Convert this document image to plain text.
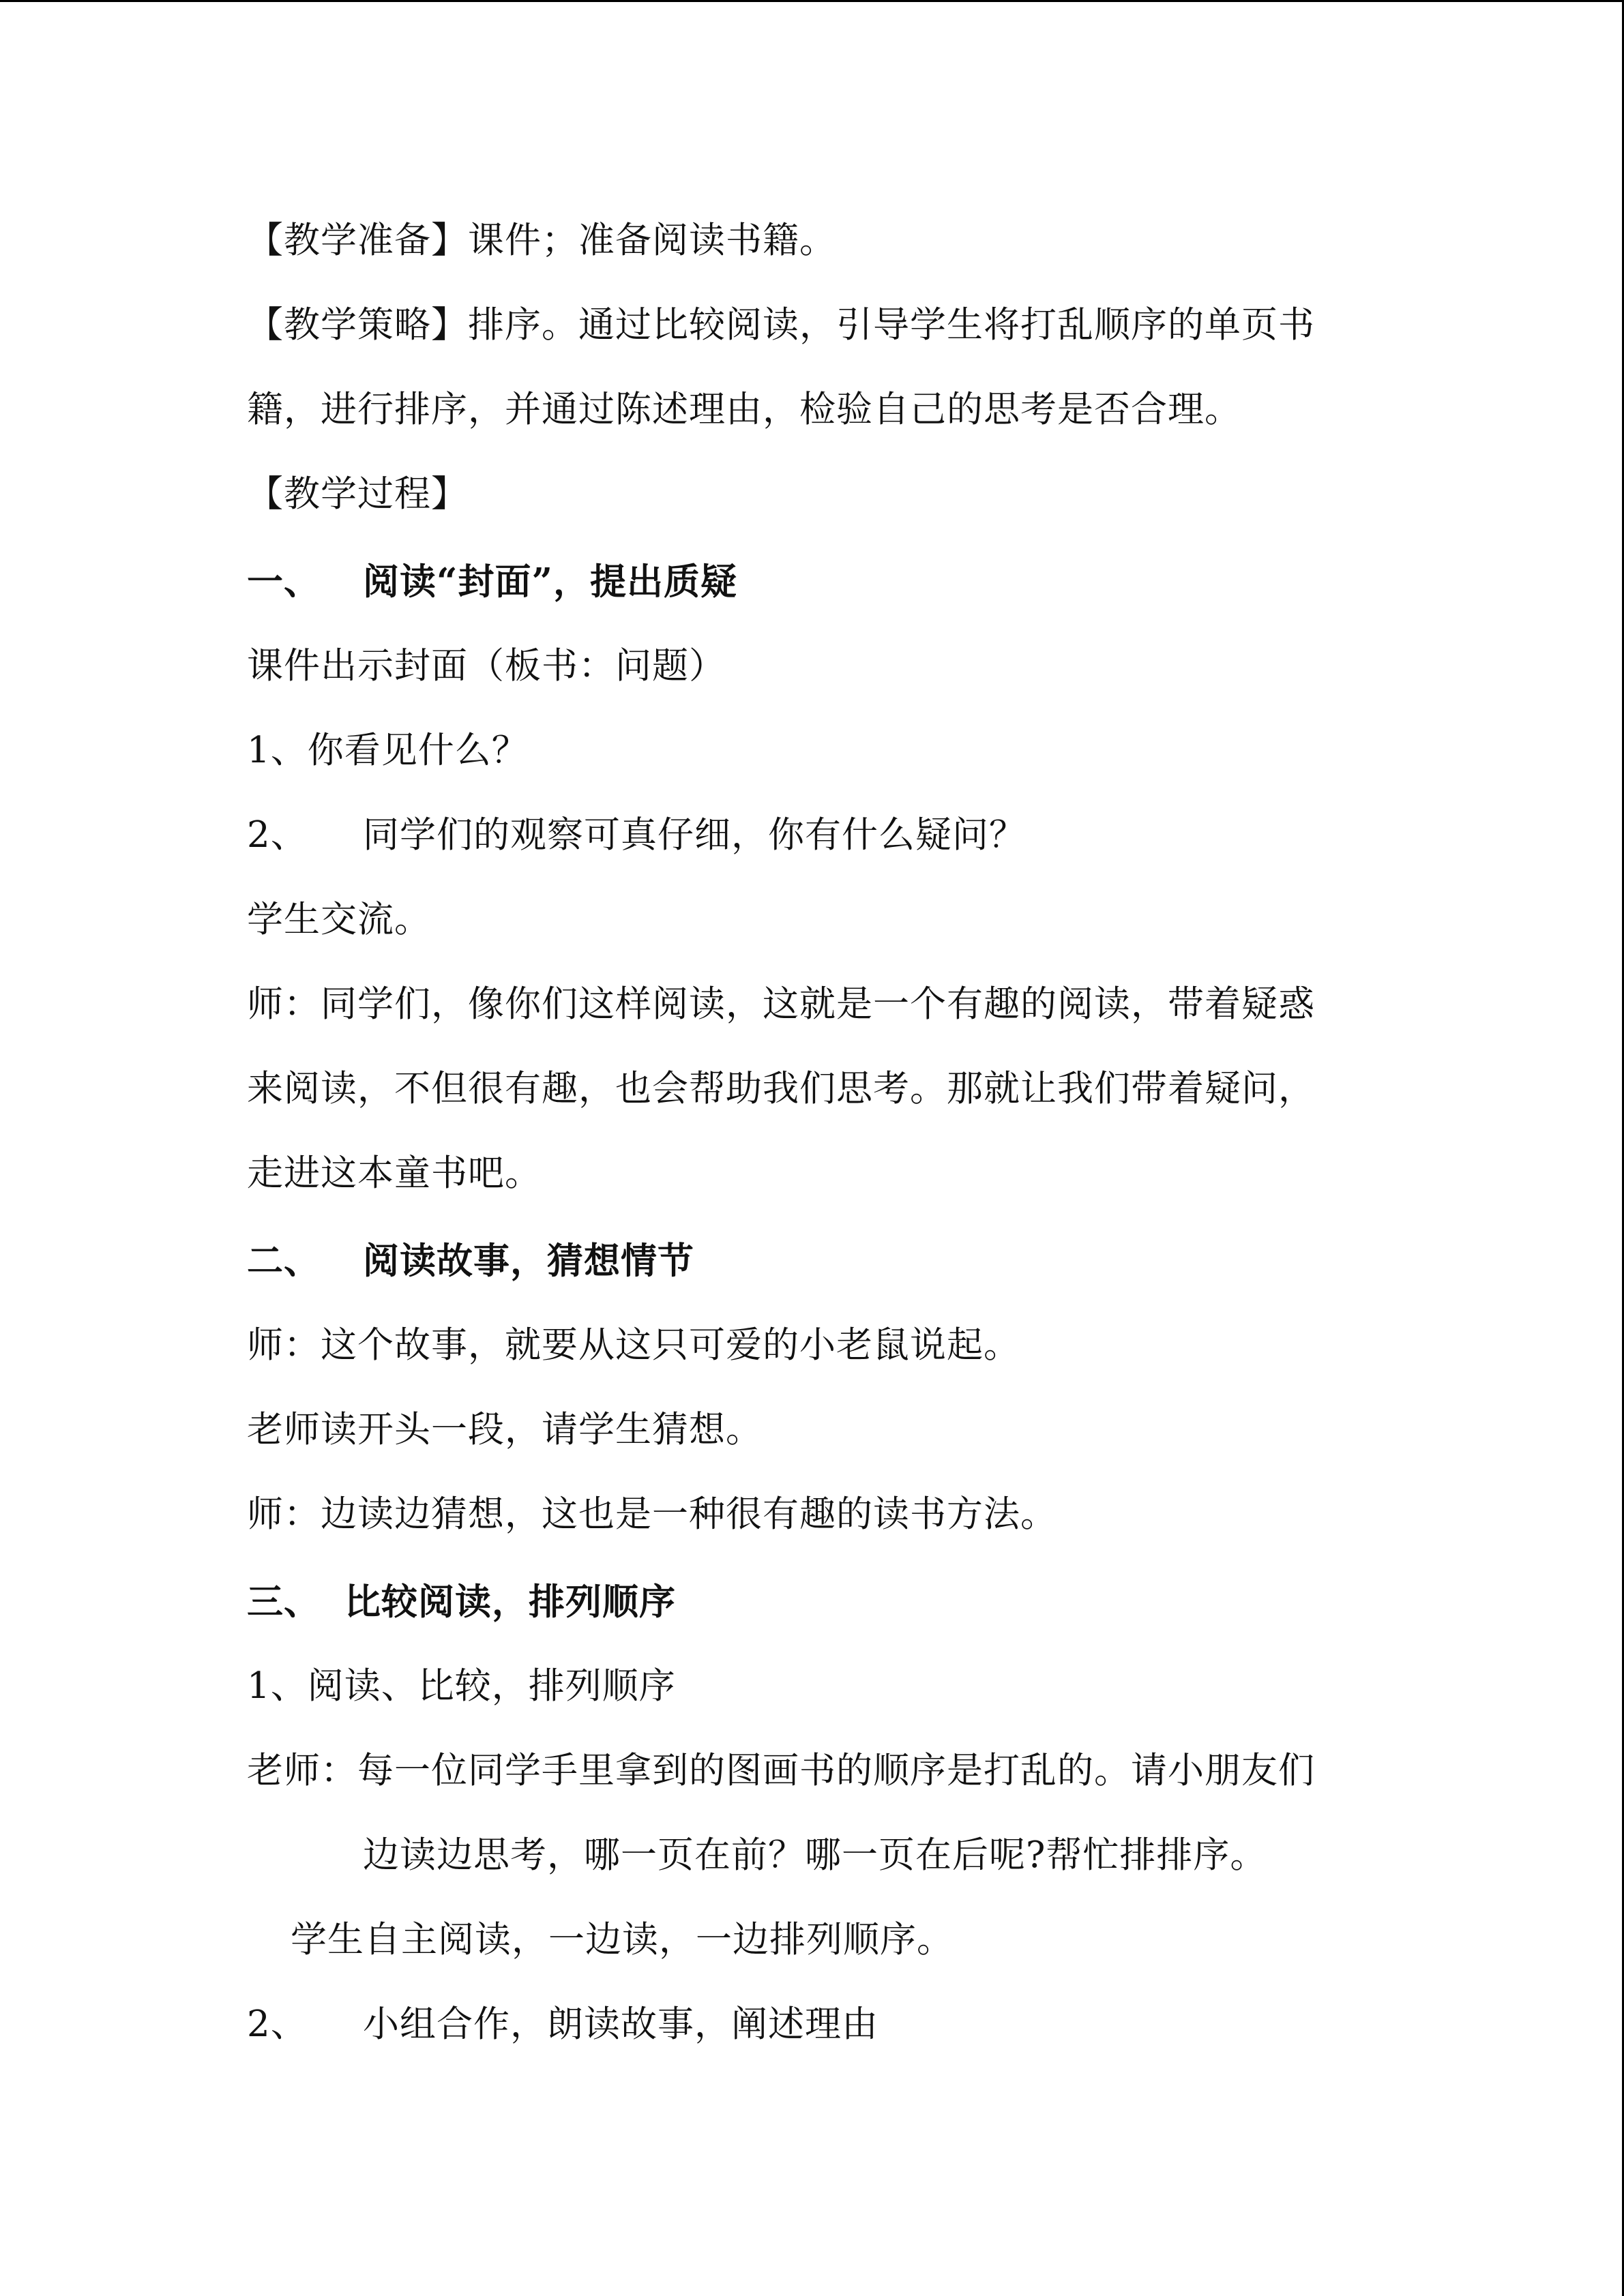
【教学准备】课件；准备阅读书籍。
【教学策略】排序。通过比较阅读，引导学生将打乱顺序的单页书
籍，进行排序，并通过陈述理由，检验自己的思考是否合理。
【教学过程】
一、 阅读“封面”，提出质疑
课件出示封面（板书：问题）
1、你看见什么？
2、 同学们的观察可真仔细，你有什么疑问？
学生交流。
师：同学们，像你们这样阅读，这就是一个有趣的阅读，带着疑惑
来阅读，不但很有趣，也会帮助我们思考。那就让我们带着疑问，
走进这本童书吧。
二、 阅读故事，猜想情节
师：这个故事，就要从这只可爱的小老鼠说起。
老师读开头一段，请学生猜想。
师：边读边猜想，这也是一种很有趣的读书方法。
三、 比较阅读，排列顺序
1、阅读、比较，排列顺序
老师：每一位同学手里拿到的图画书的顺序是打乱的。请小朋友们
边读边思考，哪一页在前？哪一页在后呢?帮忙排排序。
学生自主阅读，一边读，一边排列顺序。
2、 小组合作，朗读故事，阐述理由
